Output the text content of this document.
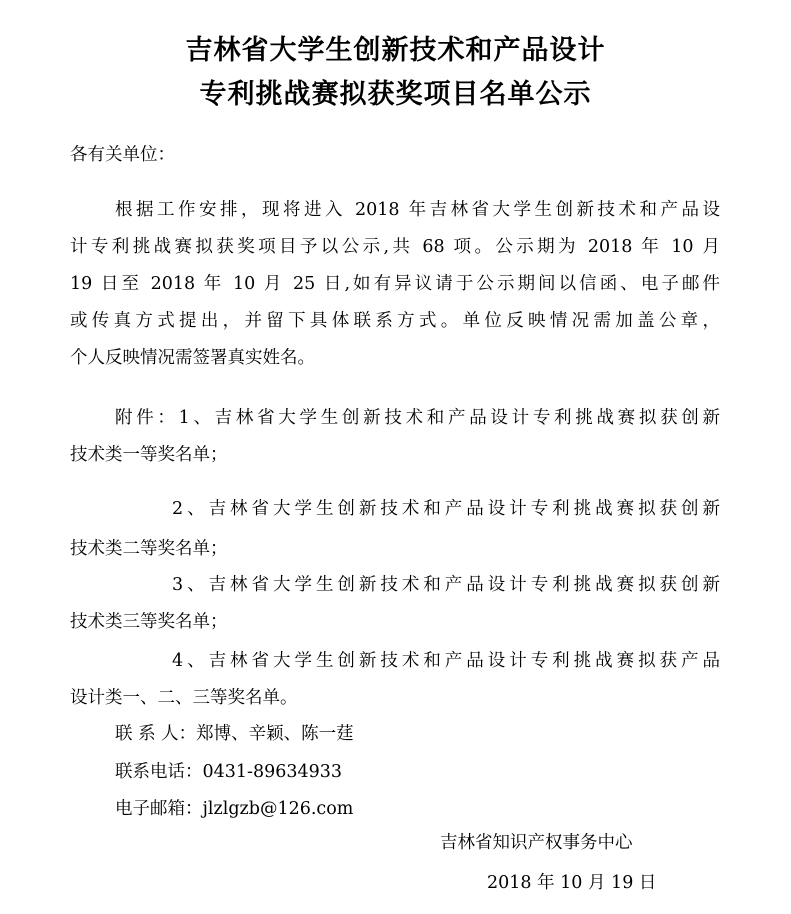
吉林省大学生创新技术和产品设计
专利挑战赛拟获奖项目名单公示
各有关单位：
根据工作安排，现将进入 2018 年吉林省大学生创新技术和产品设
计专利挑战赛拟获奖项目予以公示,共 68 项。公示期为 2018 年 10 月
19 日至 2018 年 10 月 25 日,如有异议请于公示期间以信函、电子邮件
或传真方式提出，并留下具体联系方式。单位反映情况需加盖公章，
个人反映情况需签署真实姓名。
附件：1、吉林省大学生创新技术和产品设计专利挑战赛拟获创新
技术类一等奖名单；
2、吉林省大学生创新技术和产品设计专利挑战赛拟获创新
技术类二等奖名单；
3、吉林省大学生创新技术和产品设计专利挑战赛拟获创新
技术类三等奖名单；
4、吉林省大学生创新技术和产品设计专利挑战赛拟获产品
设计类一、二、三等奖名单。
联 系 人：郑博、辛颖、陈一莛
联系电话：0431-89634933
电子邮箱：jlzlgzb@126.com
吉林省知识产权事务中心
2018 年 10 月 19 日
